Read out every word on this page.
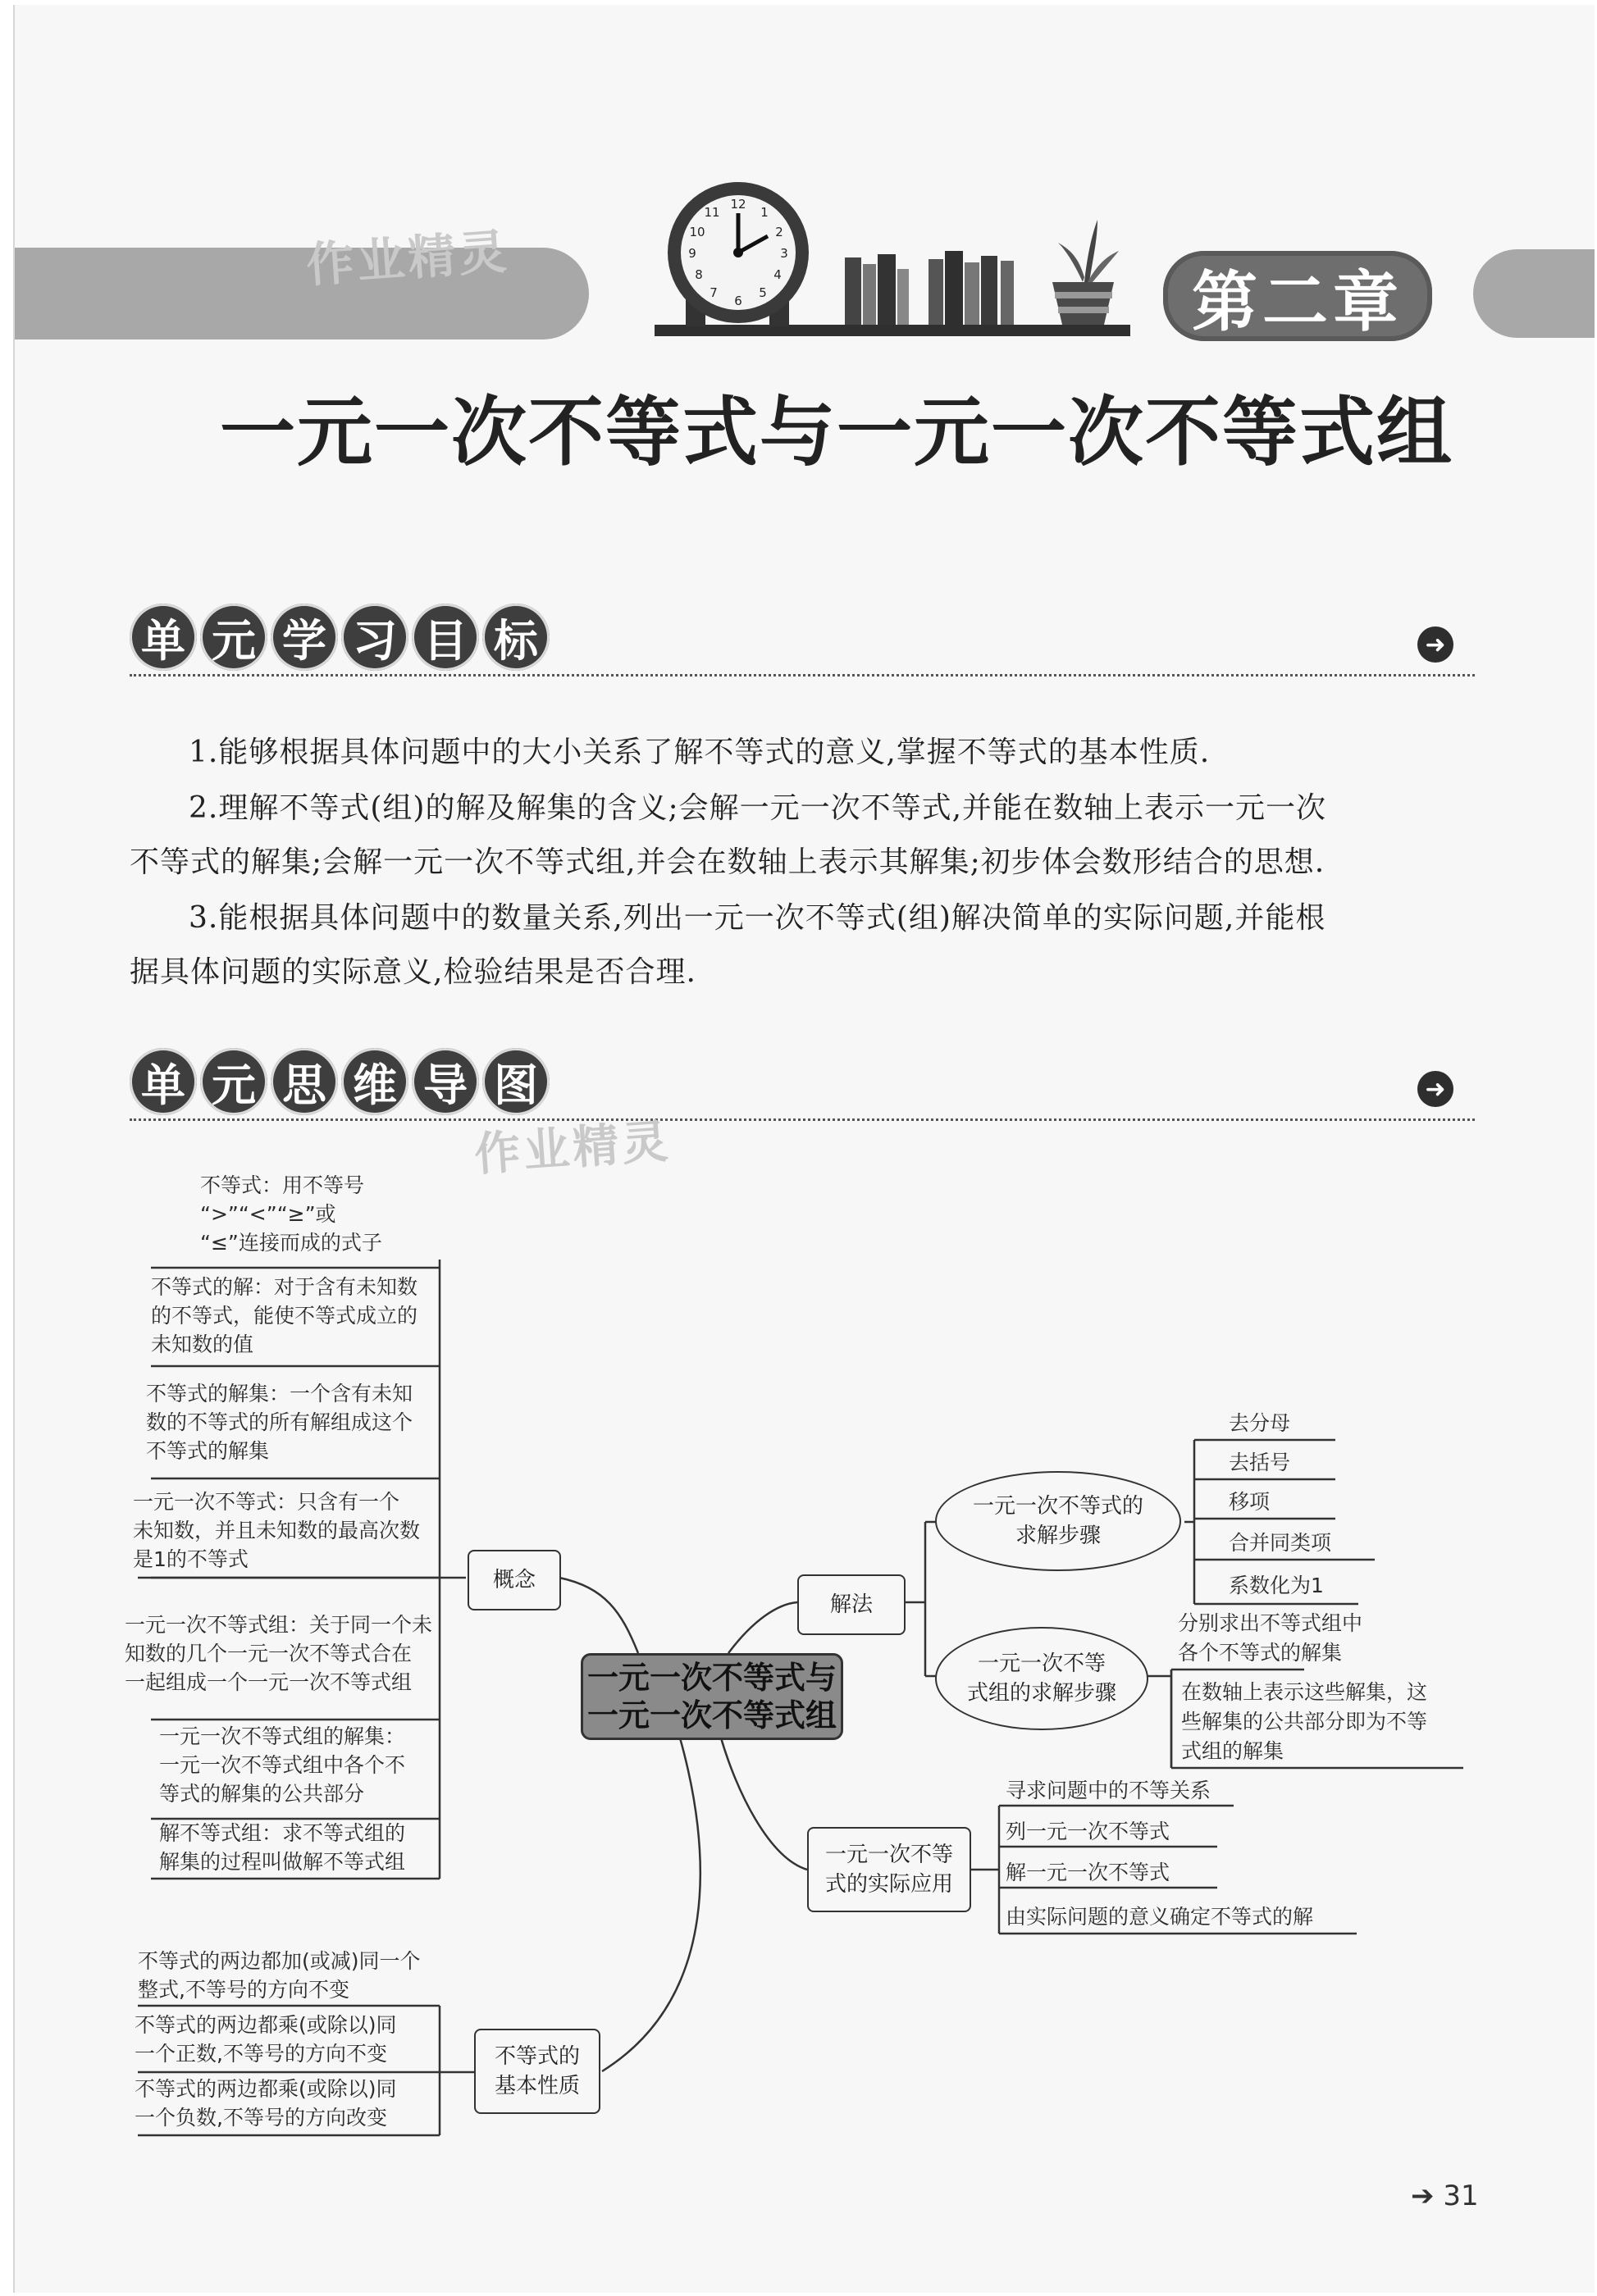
作业精灵
12
1
2
3
4
5
6
7
8
9
10
11
第二章
一元一次不等式与一元一次不等式组
单 元 学 习 目 标	➜
1.能够根据具体问题中的大小关系了解不等式的意义,掌握不等式的基本性质.
2.理解不等式(组)的解及解集的含义;会解一元一次不等式,并能在数轴上表示一元一次
不等式的解集;会解一元一次不等式组,并会在数轴上表示其解集;初步体会数形结合的思想.
3.能根据具体问题中的数量关系,列出一元一次不等式(组)解决简单的实际问题,并能根
据具体问题的实际意义,检验结果是否合理.
单 元 思 维 导 图	➜
作业精灵
不等式：用不等号
“>”“<”“≥”或
“≤”连接而成的式子
不等式的解：对于含有未知数
的不等式，能使不等式成立的
未知数的值
不等式的解集：一个含有未知
数的不等式的所有解组成这个
不等式的解集
一元一次不等式：只含有一个
未知数，并且未知数的最高次数
是1的不等式
一元一次不等式组：关于同一个未
知数的几个一元一次不等式合在
一起组成一个一元一次不等式组
一元一次不等式组的解集：
一元一次不等式组中各个不
等式的解集的公共部分
解不等式组：求不等式组的
解集的过程叫做解不等式组
概念
不等式的两边都加(或减)同一个
整式,不等号的方向不变
不等式的两边都乘(或除以)同
一个正数,不等号的方向不变
不等式的两边都乘(或除以)同
一个负数,不等号的方向改变
不等式的
基本性质
一元一次不等式与
一元一次不等式组
解法
一元一次不等式的
求解步骤
去分母
去括号
移项
合并同类项
系数化为1
一元一次不等
式组的求解步骤
分别求出不等式组中
各个不等式的解集
在数轴上表示这些解集，这
些解集的公共部分即为不等
式组的解集
一元一次不等
式的实际应用
寻求问题中的不等关系
列一元一次不等式
解一元一次不等式
由实际问题的意义确定不等式的解
➔ 31
